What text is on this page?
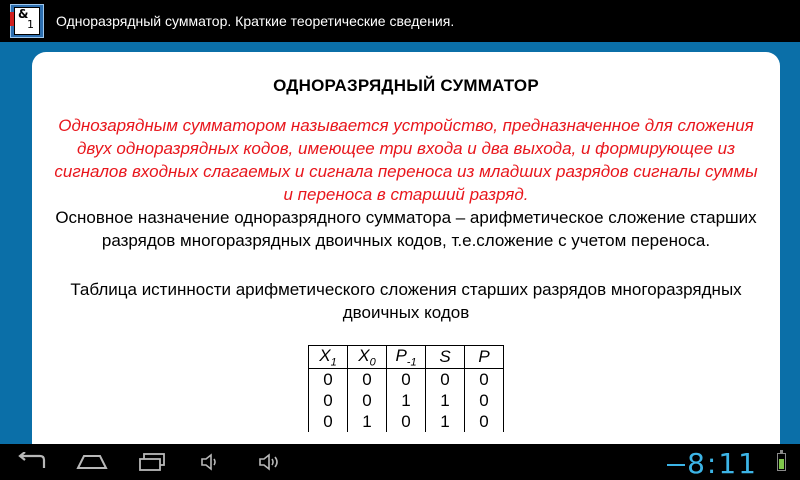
&
1 Одноразрядный сумматор. Краткие теоретические сведения.
ОДНОРАЗРЯДНЫЙ СУММАТОР
Однозарядным сумматором называется устройство, предназначенное для сложения двух одноразрядных кодов, имеющее три входа и два выхода, и формирующее из сигналов входных слагаемых и сигнала переноса из младших разрядов сигналы суммы и переноса в старший разряд.
Основное назначение одноразрядного сумматора – арифметическое сложение старших разрядов многоразрядных двоичных кодов, т.е.сложение с учетом переноса.
Таблица истинности арифметического сложения старших разрядов многоразрядных двоичных кодов
$X_1$	$X_0$	$P_{-1}$	S	P
0	0	0	0	0
0	0	1	1	0
0	1	0	1	0
8:11
